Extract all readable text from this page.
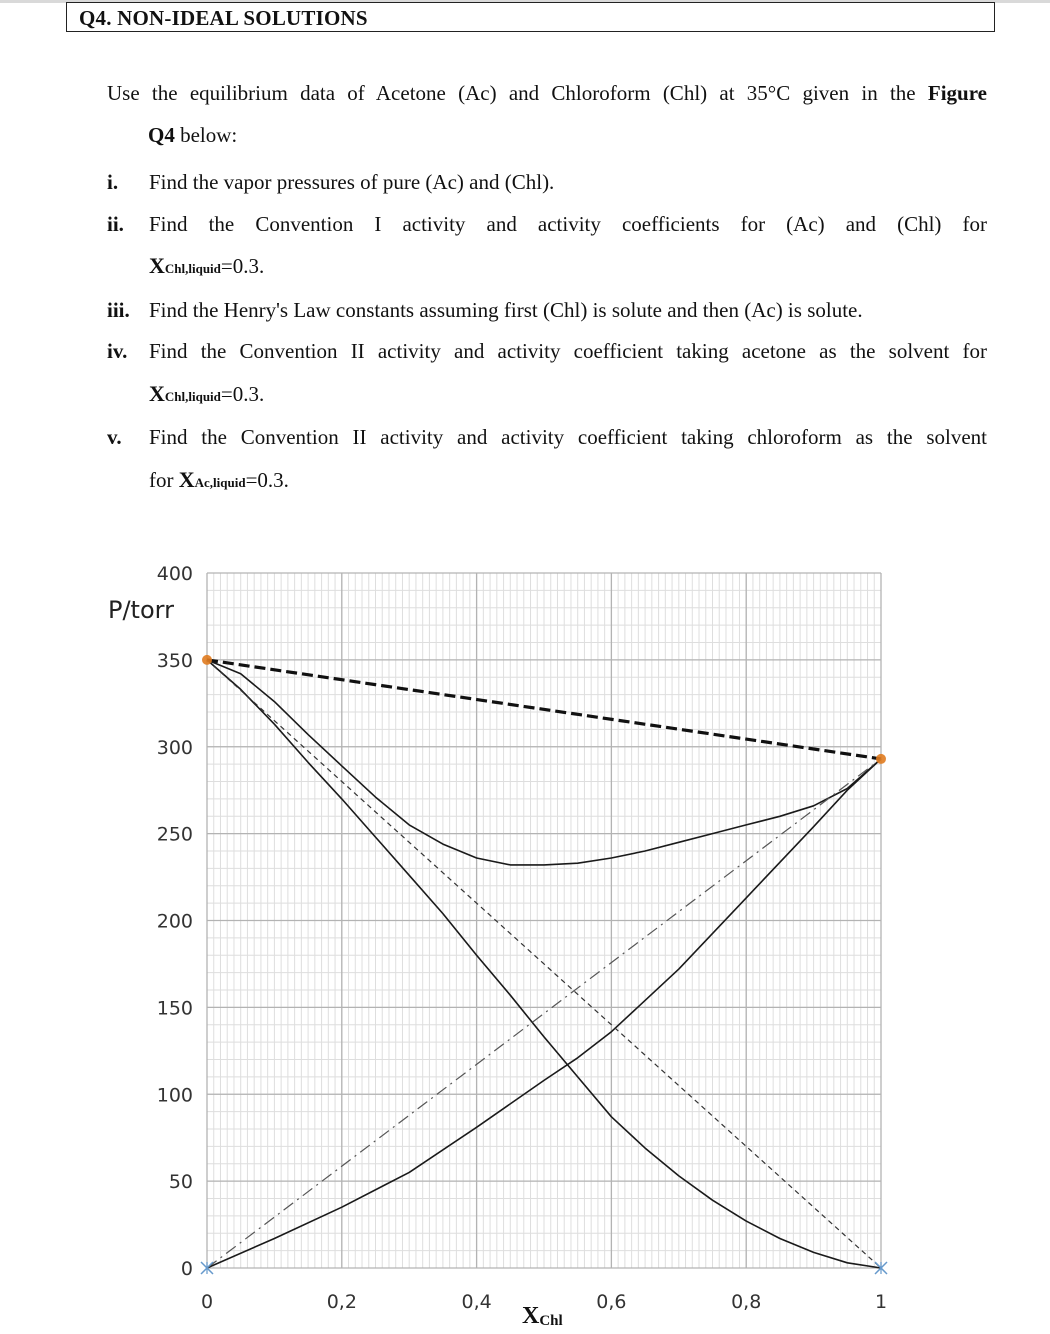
Q4. NON-IDEAL SOLUTIONS
Use the equilibrium data of Acetone (Ac) and Chloroform (Chl) at 35°C given in the Figure
Q4 below:
i. Find the vapor pressures of pure (Ac) and (Chl).
ii. Find the Convention I activity and activity coefficients for (Ac) and (Chl) for
XChl,liquid=0.3.
iii. Find the Henry's Law constants assuming first (Chl) is solute and then (Ac) is solute.
iv. Find the Convention II activity and activity coefficient taking acetone as the solvent for
XChl,liquid=0.3.
v. Find the Convention II activity and activity coefficient taking chloroform as the solvent
for XAc,liquid=0.3.
0
50
100
150
200
250
300
350
400
0	0,2	0,4	0,6	0,8	1
P/torr
XChl
